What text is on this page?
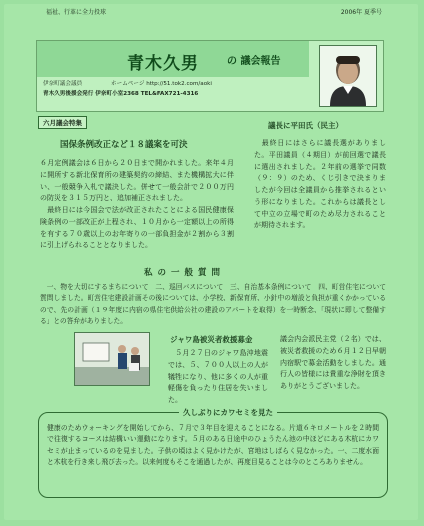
福祉、行革に全力投球	2006年 夏季号
青木久男	の 議会報告
伊奈町議会議員	ホームページ http://51.tok2.com/aoki
青木久男後援会発行 伊奈町小室2368 TEL&FAX721-4316
六月議会特集
国保条例改正など１８議案を可決
６月定例議会は６日から２０日まで開かれました。来年４月に開所する新北保育所の建築契約の締結、また機構拡大に伴い、一般競争入札で議決した。併せて一般会計で２００万円の防災を３１５万円と、追加補正されました。
　最終日には今国会で法が改正されたことによる国民健康保険条例の一部改正が上程され、１０月から一定額以上の所得を有する７０歳以上のお年寄りの一部負担金が２割から３割に引上げられることとなりました。
議長に平田氏（民主）
　最終日にはさらに議長選がありました。平田議員（４期目）が前回選で議長に選出されました。２年前の選挙で同数（９：９）のため、くじ引きで決まりましたが今回は全議員から推挙されるという形になりました。これからは議長として中立の立場で町のため尽力されることが期待されます。
私の一般質問
　一、物を大切にするまちについて　二、巡回バスについて　三、自治基本条例について　四、町営住宅について質問しました。町営住宅建設計画その後については、小学校、新保育所、小針中の増設と負担が重くかかっているので、先の計画（１９年度に内宿の県住宅供給公社の建設のアパートを取得）を一時断念、「現状に即して整備する」との答弁がありました。
ジャワ島被災者救援募金
　５月２７日のジャワ島沖地震では、５、７００人以上の人が犠牲になり、他に多くの人が重軽傷を負ったり住居を失いました。
議会内会派民主党（２名）では、被災者救援のため６月１２日早朝内宿駅で募金活動をしました。通行人の皆様には貴重な浄財を頂きありがとうございました。
久しぶりにカワセミを見た
健康のためウォーキングを開始してから、７月で３年目を迎えることになる。片道６キロメートルを２時間で往復するコースは結構いい運動になります。５月のある日途中のひょうたん池の中ほどにある木杭にカワセミが止まっているのを見ました。子供の頃はよく見かけたが、宮地はしばらく見なかった。一、二度水面と木杭を行き来し飛び去った。以来何度もそこを通過したが、再度目見ることは今のところありません。
